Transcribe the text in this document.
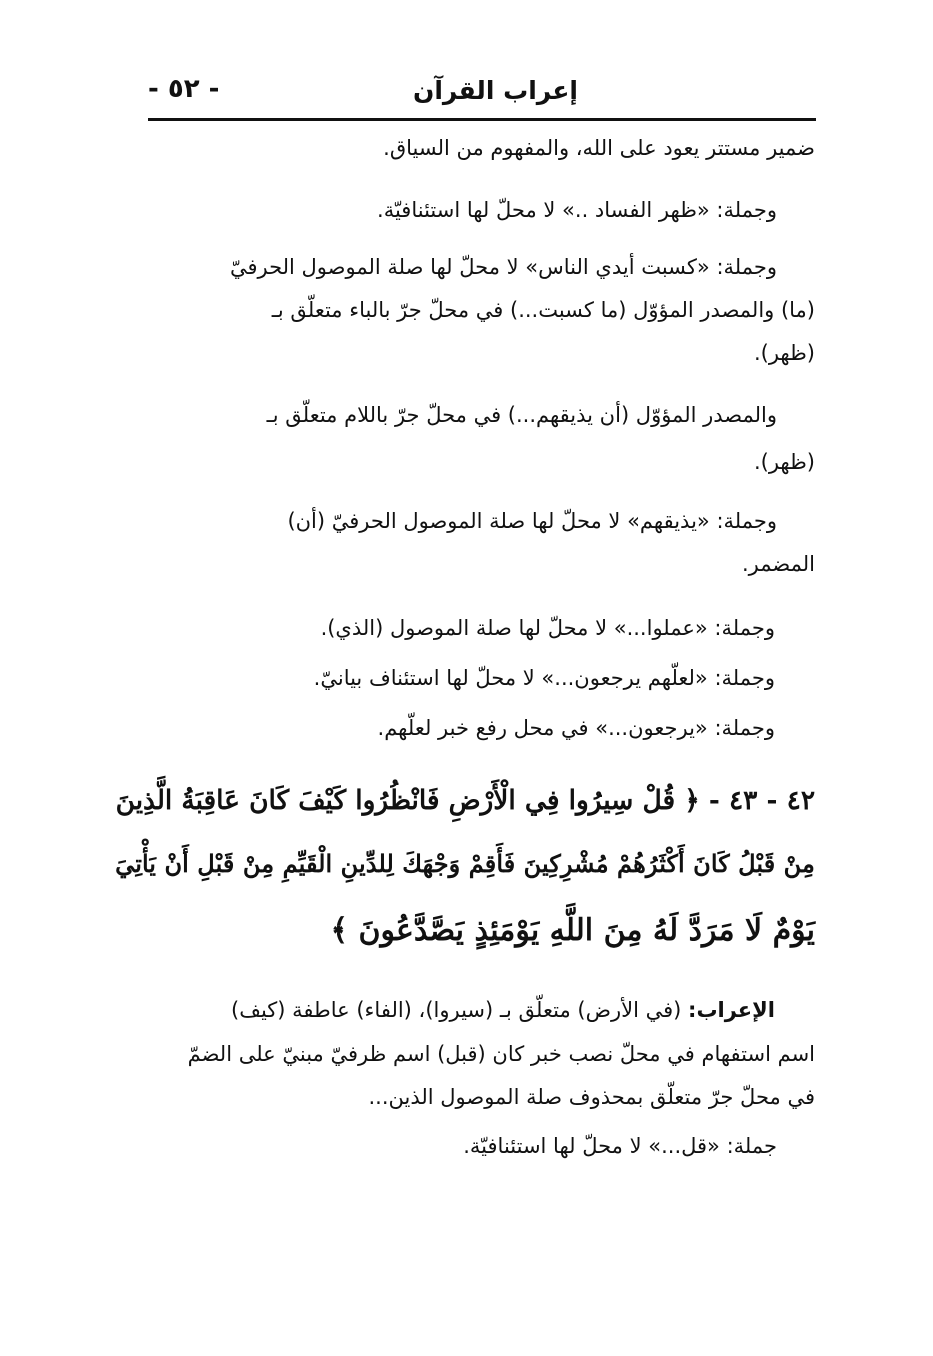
إعراب القرآن
- ٥٢ -
ضمير مستتر يعود على الله، والمفهوم من السياق.
وجملة: «ظهر الفساد ..» لا محلّ لها استئنافيّة.
وجملة: «كسبت أيدي الناس» لا محلّ لها صلة الموصول الحرفيّ
(ما) والمصدر المؤوّل (ما كسبت...) في محلّ جرّ بالباء متعلّق بـ
(ظهر).
والمصدر المؤوّل (أن يذيقهم...) في محلّ جرّ باللام متعلّق بـ
(ظهر).
وجملة: «يذيقهم» لا محلّ لها صلة الموصول الحرفيّ (أن)
المضمر.
وجملة: «عملوا...» لا محلّ لها صلة الموصول (الذي).
وجملة: «لعلّهم يرجعون...» لا محلّ لها استئناف بيانيّ.
وجملة: «يرجعون...» في محل رفع خبر لعلّهم.
٤٢ - ٤٣ - ﴿ قُلْ سِيرُوا فِي الْأَرْضِ فَانْظُرُوا كَيْفَ كَانَ عَاقِبَةُ الَّذِينَ
مِنْ قَبْلُ كَانَ أَكْثَرُهُمْ مُشْرِكِينَ فَأَقِمْ وَجْهَكَ لِلدِّينِ الْقَيِّمِ مِنْ قَبْلِ أَنْ يَأْتِيَ
يَوْمٌ لَا مَرَدَّ لَهُ مِنَ اللَّهِ يَوْمَئِذٍ يَصَّدَّعُونَ ﴾
الإعراب: (في الأرض) متعلّق بـ (سيروا)، (الفاء) عاطفة (كيف)
اسم استفهام في محلّ نصب خبر كان (قبل) اسم ظرفيّ مبنيّ على الضمّ
في محلّ جرّ متعلّق بمحذوف صلة الموصول الذين...
جملة: «قل...» لا محلّ لها استئنافيّة.
